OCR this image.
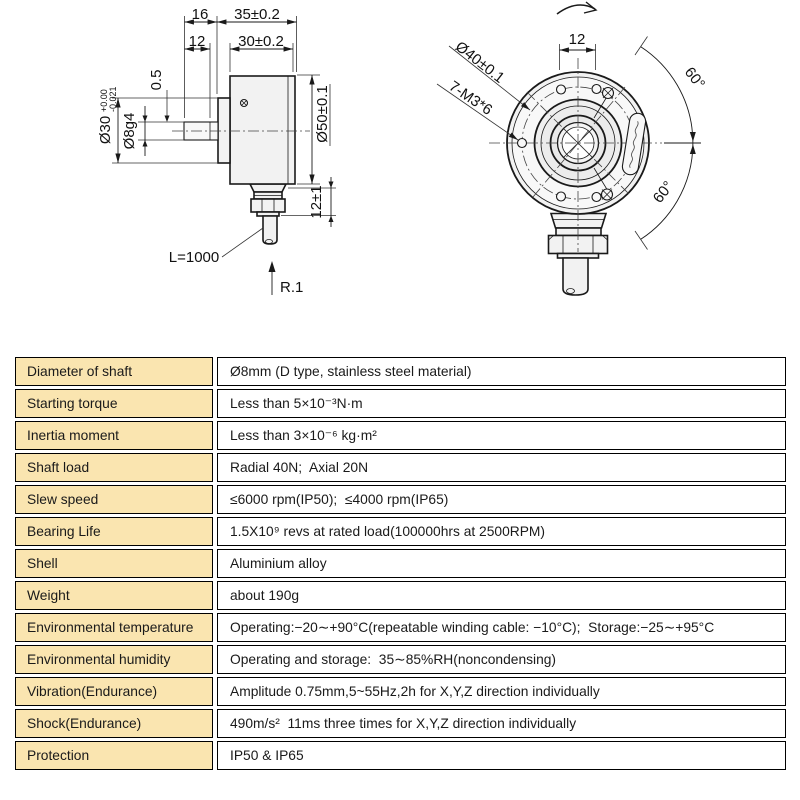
16 35±0.2
12 30±0.2
0.5
Ø30
+0.00 -0.021
Ø8g4	Ø50±0.1
12±1
L=1000
R.1
12
Ø40±0.1
7-M3*6	60°
60°
Diameter of shaft	Ø8mm (D type, stainless steel material)
Starting torque	Less than 5×10⁻³N·m
Inertia moment	Less than 3×10⁻⁶ kg·m²
Shaft load	Radial 40N;  Axial 20N
Slew speed	≤6000 rpm(IP50);  ≤4000 rpm(IP65)
Bearing Life	1.5X10⁹ revs at rated load(100000hrs at 2500RPM)
Shell	Aluminium alloy
Weight	about 190g
Environmental temperature	Operating:−20∼+90°C(repeatable winding cable: −10°C);  Storage:−25∼+95°C
Environmental humidity	Operating and storage:  35∼85%RH(noncondensing)
Vibration(Endurance)	Amplitude 0.75mm,5~55Hz,2h for X,Y,Z direction individually
Shock(Endurance)	490m/s²  11ms three times for X,Y,Z direction individually
Protection	IP50 & IP65
